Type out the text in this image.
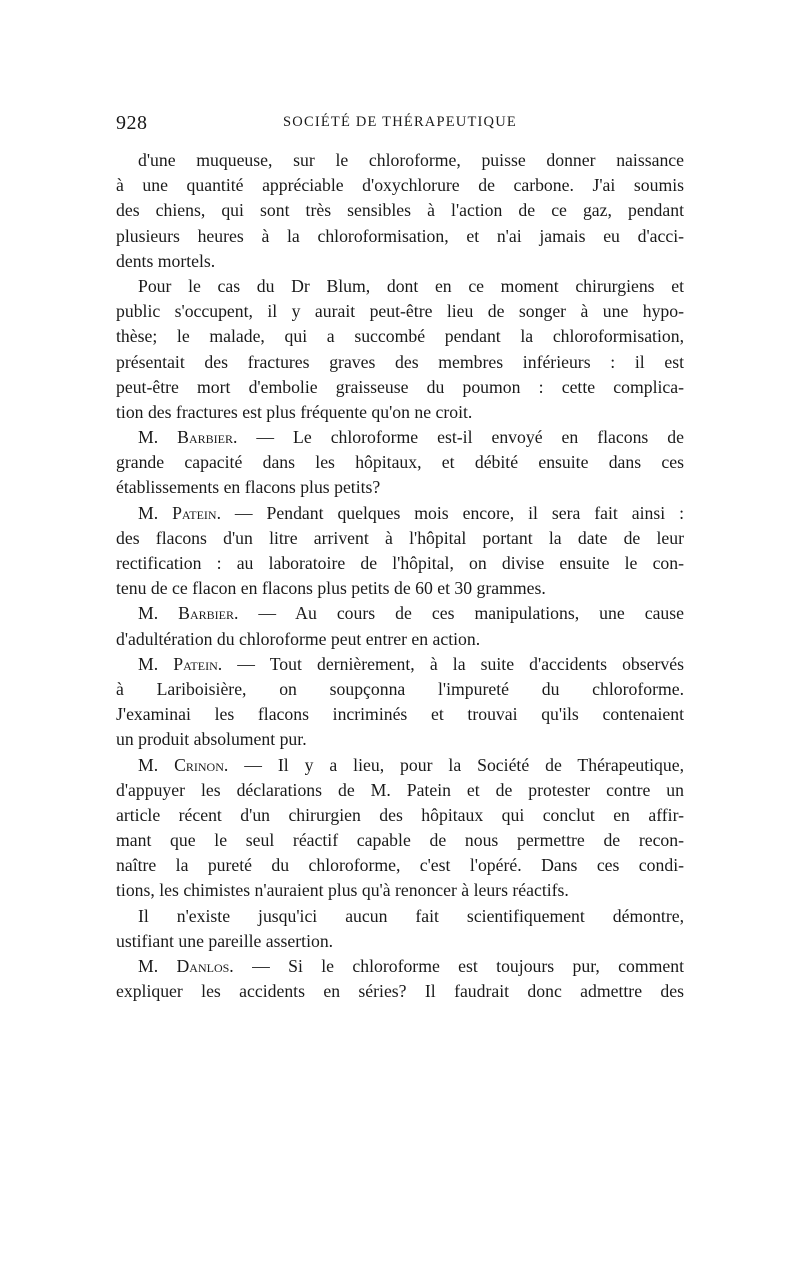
928	SOCIÉTÉ DE THÉRAPEUTIQUE
d'une muqueuse, sur le chloroforme, puisse donner naissance
à une quantité appréciable d'oxychlorure de carbone. J'ai soumis
des chiens, qui sont très sensibles à l'action de ce gaz, pendant
plusieurs heures à la chloroformisation, et n'ai jamais eu d'acci-
dents mortels.
Pour le cas du Dr Blum, dont en ce moment chirurgiens et
public s'occupent, il y aurait peut-être lieu de songer à une hypo-
thèse; le malade, qui a succombé pendant la chloroformisation,
présentait des fractures graves des membres inférieurs : il est
peut-être mort d'embolie graisseuse du poumon : cette complica-
tion des fractures est plus fréquente qu'on ne croit.
M. Barbier. — Le chloroforme est-il envoyé en flacons de
grande capacité dans les hôpitaux, et débité ensuite dans ces
établissements en flacons plus petits?
M. Patein. — Pendant quelques mois encore, il sera fait ainsi :
des flacons d'un litre arrivent à l'hôpital portant la date de leur
rectification : au laboratoire de l'hôpital, on divise ensuite le con-
tenu de ce flacon en flacons plus petits de 60 et 30 grammes.
M. Barbier. — Au cours de ces manipulations, une cause
d'adultération du chloroforme peut entrer en action.
M. Patein. — Tout dernièrement, à la suite d'accidents observés
à Lariboisière, on soupçonna l'impureté du chloroforme.
J'examinai les flacons incriminés et trouvai qu'ils contenaient
un produit absolument pur.
M. Crinon. — Il y a lieu, pour la Société de Thérapeutique,
d'appuyer les déclarations de M. Patein et de protester contre un
article récent d'un chirurgien des hôpitaux qui conclut en affir-
mant que le seul réactif capable de nous permettre de recon-
naître la pureté du chloroforme, c'est l'opéré. Dans ces condi-
tions, les chimistes n'auraient plus qu'à renoncer à leurs réactifs.
Il n'existe jusqu'ici aucun fait scientifiquement démontre,
ustifiant une pareille assertion.
M. Danlos. — Si le chloroforme est toujours pur, comment
expliquer les accidents en séries? Il faudrait donc admettre des
